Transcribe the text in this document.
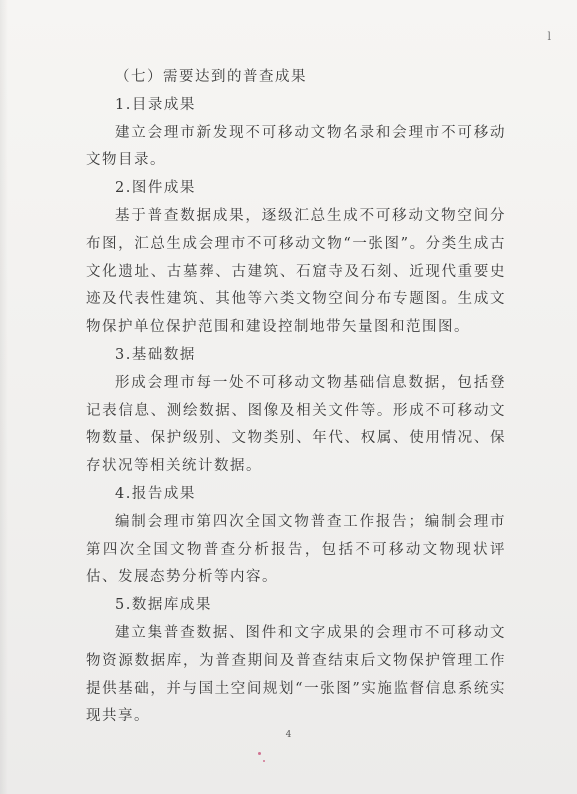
l

（七）需要达到的普查成果

1.目录成果

建立会理市新发现不可移动文物名录和会理市不可移动文物目录。

2.图件成果

基于普查数据成果，逐级汇总生成不可移动文物空间分布图，汇总生成会理市不可移动文物“一张图”。分类生成古文化遗址、古墓葬、古建筑、石窟寺及石刻、近现代重要史迹及代表性建筑、其他等六类文物空间分布专题图。生成文物保护单位保护范围和建设控制地带矢量图和范围图。

3.基础数据

形成会理市每一处不可移动文物基础信息数据，包括登记表信息、测绘数据、图像及相关文件等。形成不可移动文物数量、保护级别、文物类别、年代、权属、使用情况、保存状况等相关统计数据。

4.报告成果

编制会理市第四次全国文物普查工作报告；编制会理市第四次全国文物普查分析报告，包括不可移动文物现状评估、发展态势分析等内容。

5.数据库成果

建立集普查数据、图件和文字成果的会理市不可移动文物资源数据库，为普查期间及普查结束后文物保护管理工作提供基础，并与国土空间规划“一张图”实施监督信息系统实现共享。

4
